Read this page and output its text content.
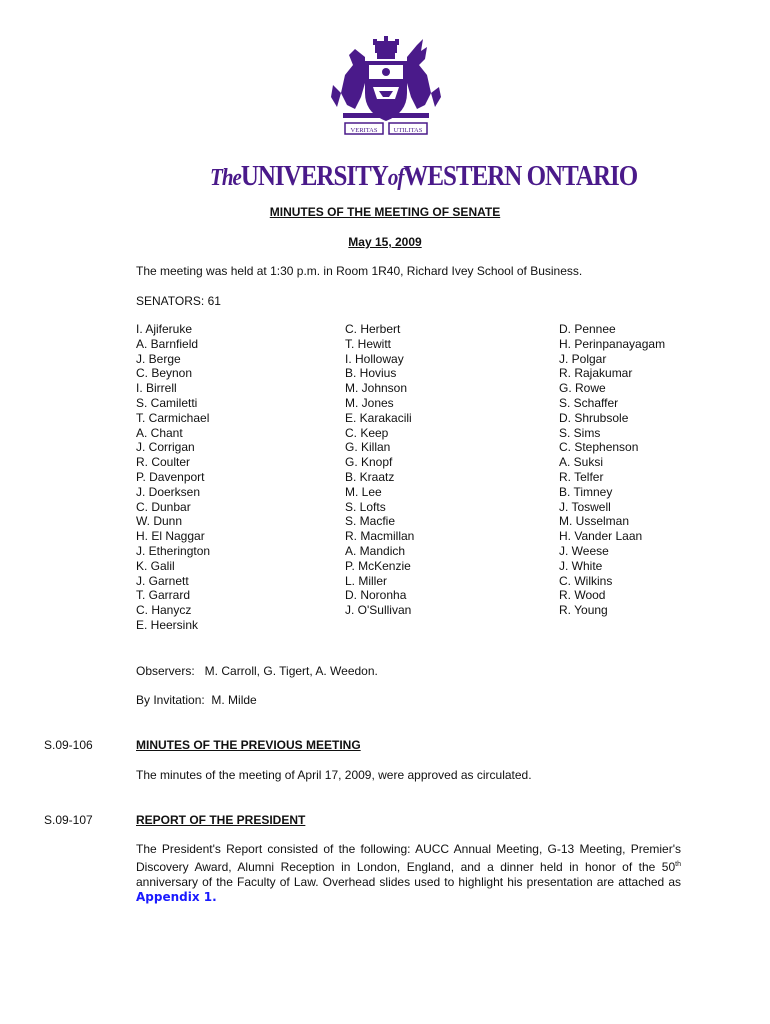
VERITAS UTILITAS
TheUNIVERSITYofWESTERN ONTARIO
MINUTES OF THE MEETING OF SENATE
May 15, 2009
The meeting was held at 1:30 p.m. in Room 1R40, Richard Ivey School of Business.
SENATORS: 61
I. Ajiferuke
A. Barnfield
J. Berge
C. Beynon
I. Birrell
S. Camiletti
T. Carmichael
A. Chant
J. Corrigan
R. Coulter
P. Davenport
J. Doerksen
C. Dunbar
W. Dunn
H. El Naggar
J. Etherington
K. Galil
J. Garnett
T. Garrard
C. Hanycz
E. Heersink
C. Herbert
T. Hewitt
I. Holloway
B. Hovius
M. Johnson
M. Jones
E. Karakacili
C. Keep
G. Killan
G. Knopf
B. Kraatz
M. Lee
S. Lofts
S. Macfie
R. Macmillan
A. Mandich
P. McKenzie
L. Miller
D. Noronha
J. O'Sullivan
D. Pennee
H. Perinpanayagam
J. Polgar
R. Rajakumar
G. Rowe
S. Schaffer
D. Shrubsole
S. Sims
C. Stephenson
A. Suksi
R. Telfer
B. Timney
J. Toswell
M. Usselman
H. Vander Laan
J. Weese
J. White
C. Wilkins
R. Wood
R. Young
Observers:   M. Carroll, G. Tigert, A. Weedon.
By Invitation:  M. Milde
S.09-106	MINUTES OF THE PREVIOUS MEETING
The minutes of the meeting of April 17, 2009, were approved as circulated.
S.09-107	REPORT OF THE PRESIDENT
The President's Report consisted of the following: AUCC Annual Meeting, G-13 Meeting, Premier's Discovery Award, Alumni Reception in London, England, and a dinner held in honor of the 50th anniversary of the Faculty of Law. Overhead slides used to highlight his presentation are attached as Appendix 1.
